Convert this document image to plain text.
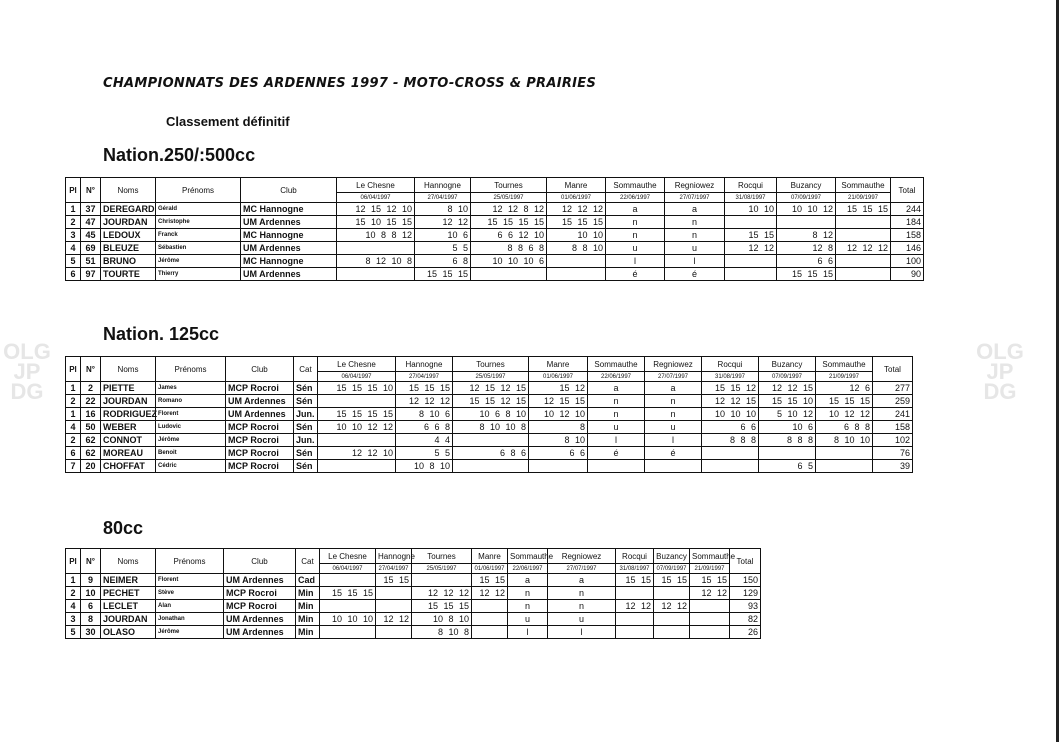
OLG
JP
DG
OLG
JP
DG
CHAMPIONNATS DES ARDENNES 1997 - MOTO-CROSS & PRAIRIES
Classement définitif
Nation.250/:500cc
Pl	N°	Noms	Prénoms	Club	Le Chesne	Hannogne	Tournes	Manre	Sommauthe	Regniowez	Rocqui	Buzancy	Sommauthe	Total
					06/04/1997	27/04/1997	25/05/1997	01/06/1997	22/06/1997	27/07/1997	31/08/1997	07/09/1997	21/09/1997	
1	37	DEREGARD	Gérald	MC Hannogne	12 15 12 10	8 10	12 12 8 12	12 12 12	a	a	10 10	10 10 12	15 15 15	244
2	47	JOURDAN	Christophe	UM Ardennes	15 10 15 15	12 12	15 15 15 15	15 15 15	n	n				184
3	45	LEDOUX	Franck	MC Hannogne	10 8 8 12	10 6	6 6 12 10	10 10	n	n	15 15	8 12		158
4	69	BLEUZE	Sébastien	UM Ardennes		5 5	8 8 6 8	8 8 10	u	u	12 12	12 8	12 12 12	146
5	51	BRUNO	Jérôme	MC Hannogne	8 12 10 8	6 8	10 10 10 6		l	l		6 6		100
6	97	TOURTE	Thierry	UM Ardennes		15 15 15			é	é		15 15 15		90
Nation. 125cc
Pl	N°	Noms	Prénoms	Club	Cat	Le Chesne	Hannogne	Tournes	Manre	Sommauthe	Regniowez	Rocqui	Buzancy	Sommauthe	Total
						06/04/1997	27/04/1997	25/05/1997	01/06/1997	22/06/1997	27/07/1997	31/08/1997	07/09/1997	21/09/1997	
1	2	PIETTE	James	MCP Rocroi	Sén	15 15 15 10	15 15 15	12 15 12 15	15 12	a	a	15 15 12	12 12 15	12 6	277
2	22	JOURDAN	Romano	UM Ardennes	Sén		12 12 12	15 15 12 15	12 15 15	n	n	12 12 15	15 15 10	15 15 15	259
1	16	RODRIGUEZ	Florent	UM Ardennes	Jun.	15 15 15 15	8 10 6	10 6 8 10	10 12 10	n	n	10 10 10	5 10 12	10 12 12	241
4	50	WEBER	Ludovic	MCP Rocroi	Sén	10 10 12 12	6 6 8	8 10 10 8	8	u	u	6 6	10 6	6 8 8	158
2	62	CONNOT	Jérôme	MCP Rocroi	Jun.		4 4		8 10	l	l	8 8 8	8 8 8	8 10 10	102
6	62	MOREAU	Benoit	MCP Rocroi	Sén	12 12 10	5 5	6 8 6	6 6	é	é				76
7	20	CHOFFAT	Cédric	MCP Rocroi	Sén		10 8 10						6 5		39
80cc
Pl	N°	Noms	Prénoms	Club	Cat	Le Chesne	Hannogne	Tournes	Manre	Sommauthe	Regniowez	Rocqui	Buzancy	Sommauthe	Total
						06/04/1997	27/04/1997	25/05/1997	01/06/1997	22/06/1997	27/07/1997	31/08/1997	07/09/1997	21/09/1997	
1	9	NEIMER	Florent	UM Ardennes	Cad		15 15		15 15	a	a	15 15	15 15	15 15	150
2	10	PECHET	Stève	MCP Rocroi	Min	15 15 15		12 12 12	12 12	n	n			12 12	129
4	6	LECLET	Alan	MCP Rocroi	Min			15 15 15		n	n	12 12	12 12		93
3	8	JOURDAN	Jonathan	UM Ardennes	Min	10 10 10	12 12	10 8 10		u	u				82
5	30	OLASO	Jérôme	UM Ardennes	Min			8 10 8		l	l				26
